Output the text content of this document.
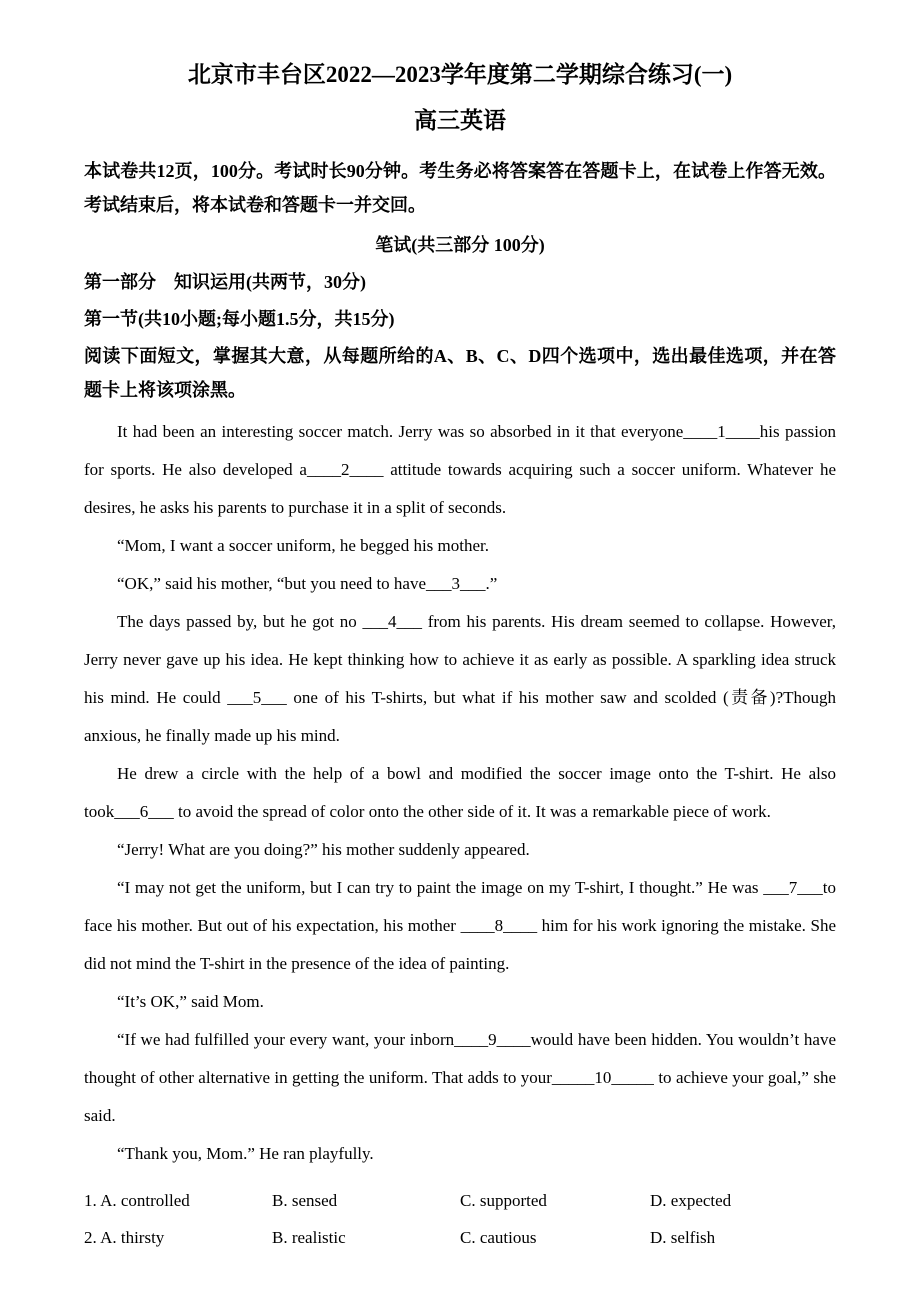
北京市丰台区2022—2023学年度第二学期综合练习(一)
高三英语

本试卷共12页，100分。考试时长90分钟。考生务必将答案答在答题卡上，在试卷上作答无效。考试结束后，将本试卷和答题卡一并交回。

笔试(共三部分 100分)

第一部分　知识运用(共两节，30分)

第一节(共10小题;每小题1.5分，共15分)

阅读下面短文，掌握其大意，从每题所给的A、B、C、D四个选项中，选出最佳选项，并在答题卡上将该项涂黑。

It had been an interesting soccer match. Jerry was so absorbed in it that everyone____1____his passion for sports. He also developed a____2____ attitude towards acquiring such a soccer uniform. Whatever he desires, he asks his parents to purchase it in a split of seconds.

“Mom, I want a soccer uniform, he begged his mother.

“OK,” said his mother, “but you need to have___3___.”

The days passed by, but he got no ___4___ from his parents. His dream seemed to collapse. However, Jerry never gave up his idea. He kept thinking how to achieve it as early as possible. A sparkling idea struck his mind. He could ___5___ one of his T-shirts, but what if his mother saw and scolded (责备)?Though anxious, he finally made up his mind.

He drew a circle with the help of a bowl and modified the soccer image onto the T-shirt. He also took___6___ to avoid the spread of color onto the other side of it. It was a remarkable piece of work.

“Jerry! What are you doing?” his mother suddenly appeared.

“I may not get the uniform, but I can try to paint the image on my T-shirt, I thought.” He was ___7___to face his mother. But out of his expectation, his mother ____8____ him for his work ignoring the mistake. She did not mind the T-shirt in the presence of the idea of painting.

“It’s OK,” said Mom.

“If we had fulfilled your every want, your inborn____9____would have been hidden. You wouldn’t have thought of other alternative in getting the uniform. That adds to your_____10_____ to achieve your goal,” she said.

“Thank you, Mom.” He ran playfully.

1. A. controlled	B. sensed	C. supported	D. expected
2. A. thirsty	B. realistic	C. cautious	D. selfish
